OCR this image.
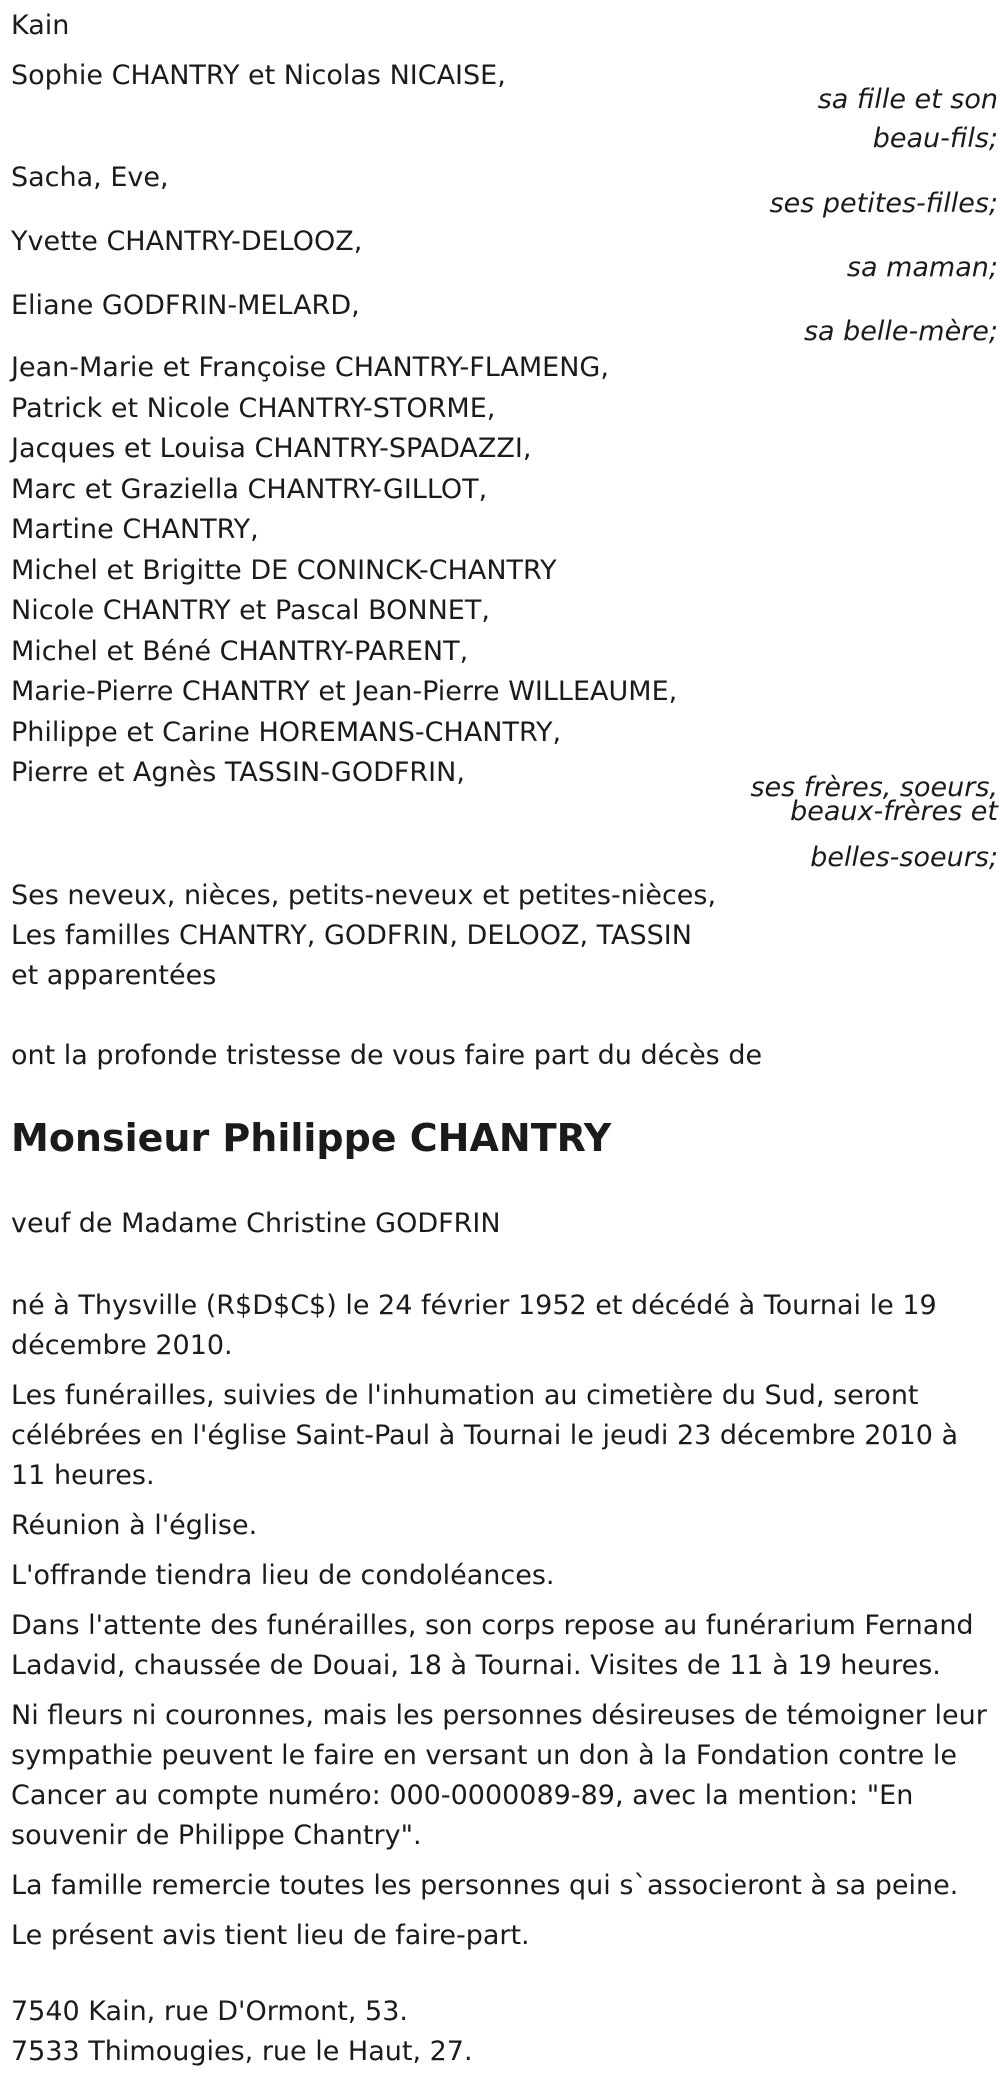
Kain
Sophie CHANTRY et Nicolas NICAISE,
sa fille et son
beau-fils;
Sacha, Eve,
ses petites-filles;
Yvette CHANTRY-DELOOZ,
sa maman;
Eliane GODFRIN-MELARD,
sa belle-mère;
Jean-Marie et Françoise CHANTRY-FLAMENG,
Patrick et Nicole CHANTRY-STORME,
Jacques et Louisa CHANTRY-SPADAZZI,
Marc et Graziella CHANTRY-GILLOT,
Martine CHANTRY,
Michel et Brigitte DE CONINCK-CHANTRY
Nicole CHANTRY et Pascal BONNET,
Michel et Béné CHANTRY-PARENT,
Marie-Pierre CHANTRY et Jean-Pierre WILLEAUME,
Philippe et Carine HOREMANS-CHANTRY,
Pierre et Agnès TASSIN-GODFRIN,	ses frères, soeurs,
beaux-frères et
belles-soeurs;
Ses neveux, nièces, petits-neveux et petites-nièces,
Les familles CHANTRY, GODFRIN, DELOOZ, TASSIN
et apparentées
ont la profonde tristesse de vous faire part du décès de
Monsieur Philippe CHANTRY
veuf de Madame Christine GODFRIN

né à Thysville (R$D$C$) le 24 février 1952 et décédé à Tournai le 19 décembre 2010.

Les funérailles, suivies de l'inhumation au cimetière du Sud, seront célébrées en l'église Saint-Paul à Tournai le jeudi 23 décembre 2010 à 11 heures.

Réunion à l'église.

L'offrande tiendra lieu de condoléances.

Dans l'attente des funérailles, son corps repose au funérarium Fernand Ladavid, chaussée de Douai, 18 à Tournai. Visites de 11 à 19 heures.

Ni fleurs ni couronnes, mais les personnes désireuses de témoigner leur sympathie peuvent le faire en versant un don à la Fondation contre le Cancer au compte numéro: 000-0000089-89, avec la mention: "En souvenir de Philippe Chantry".

La famille remercie toutes les personnes qui s`associeront à sa peine.

Le présent avis tient lieu de faire-part.

7540 Kain, rue D'Ormont, 53.
7533 Thimougies, rue le Haut, 27.
